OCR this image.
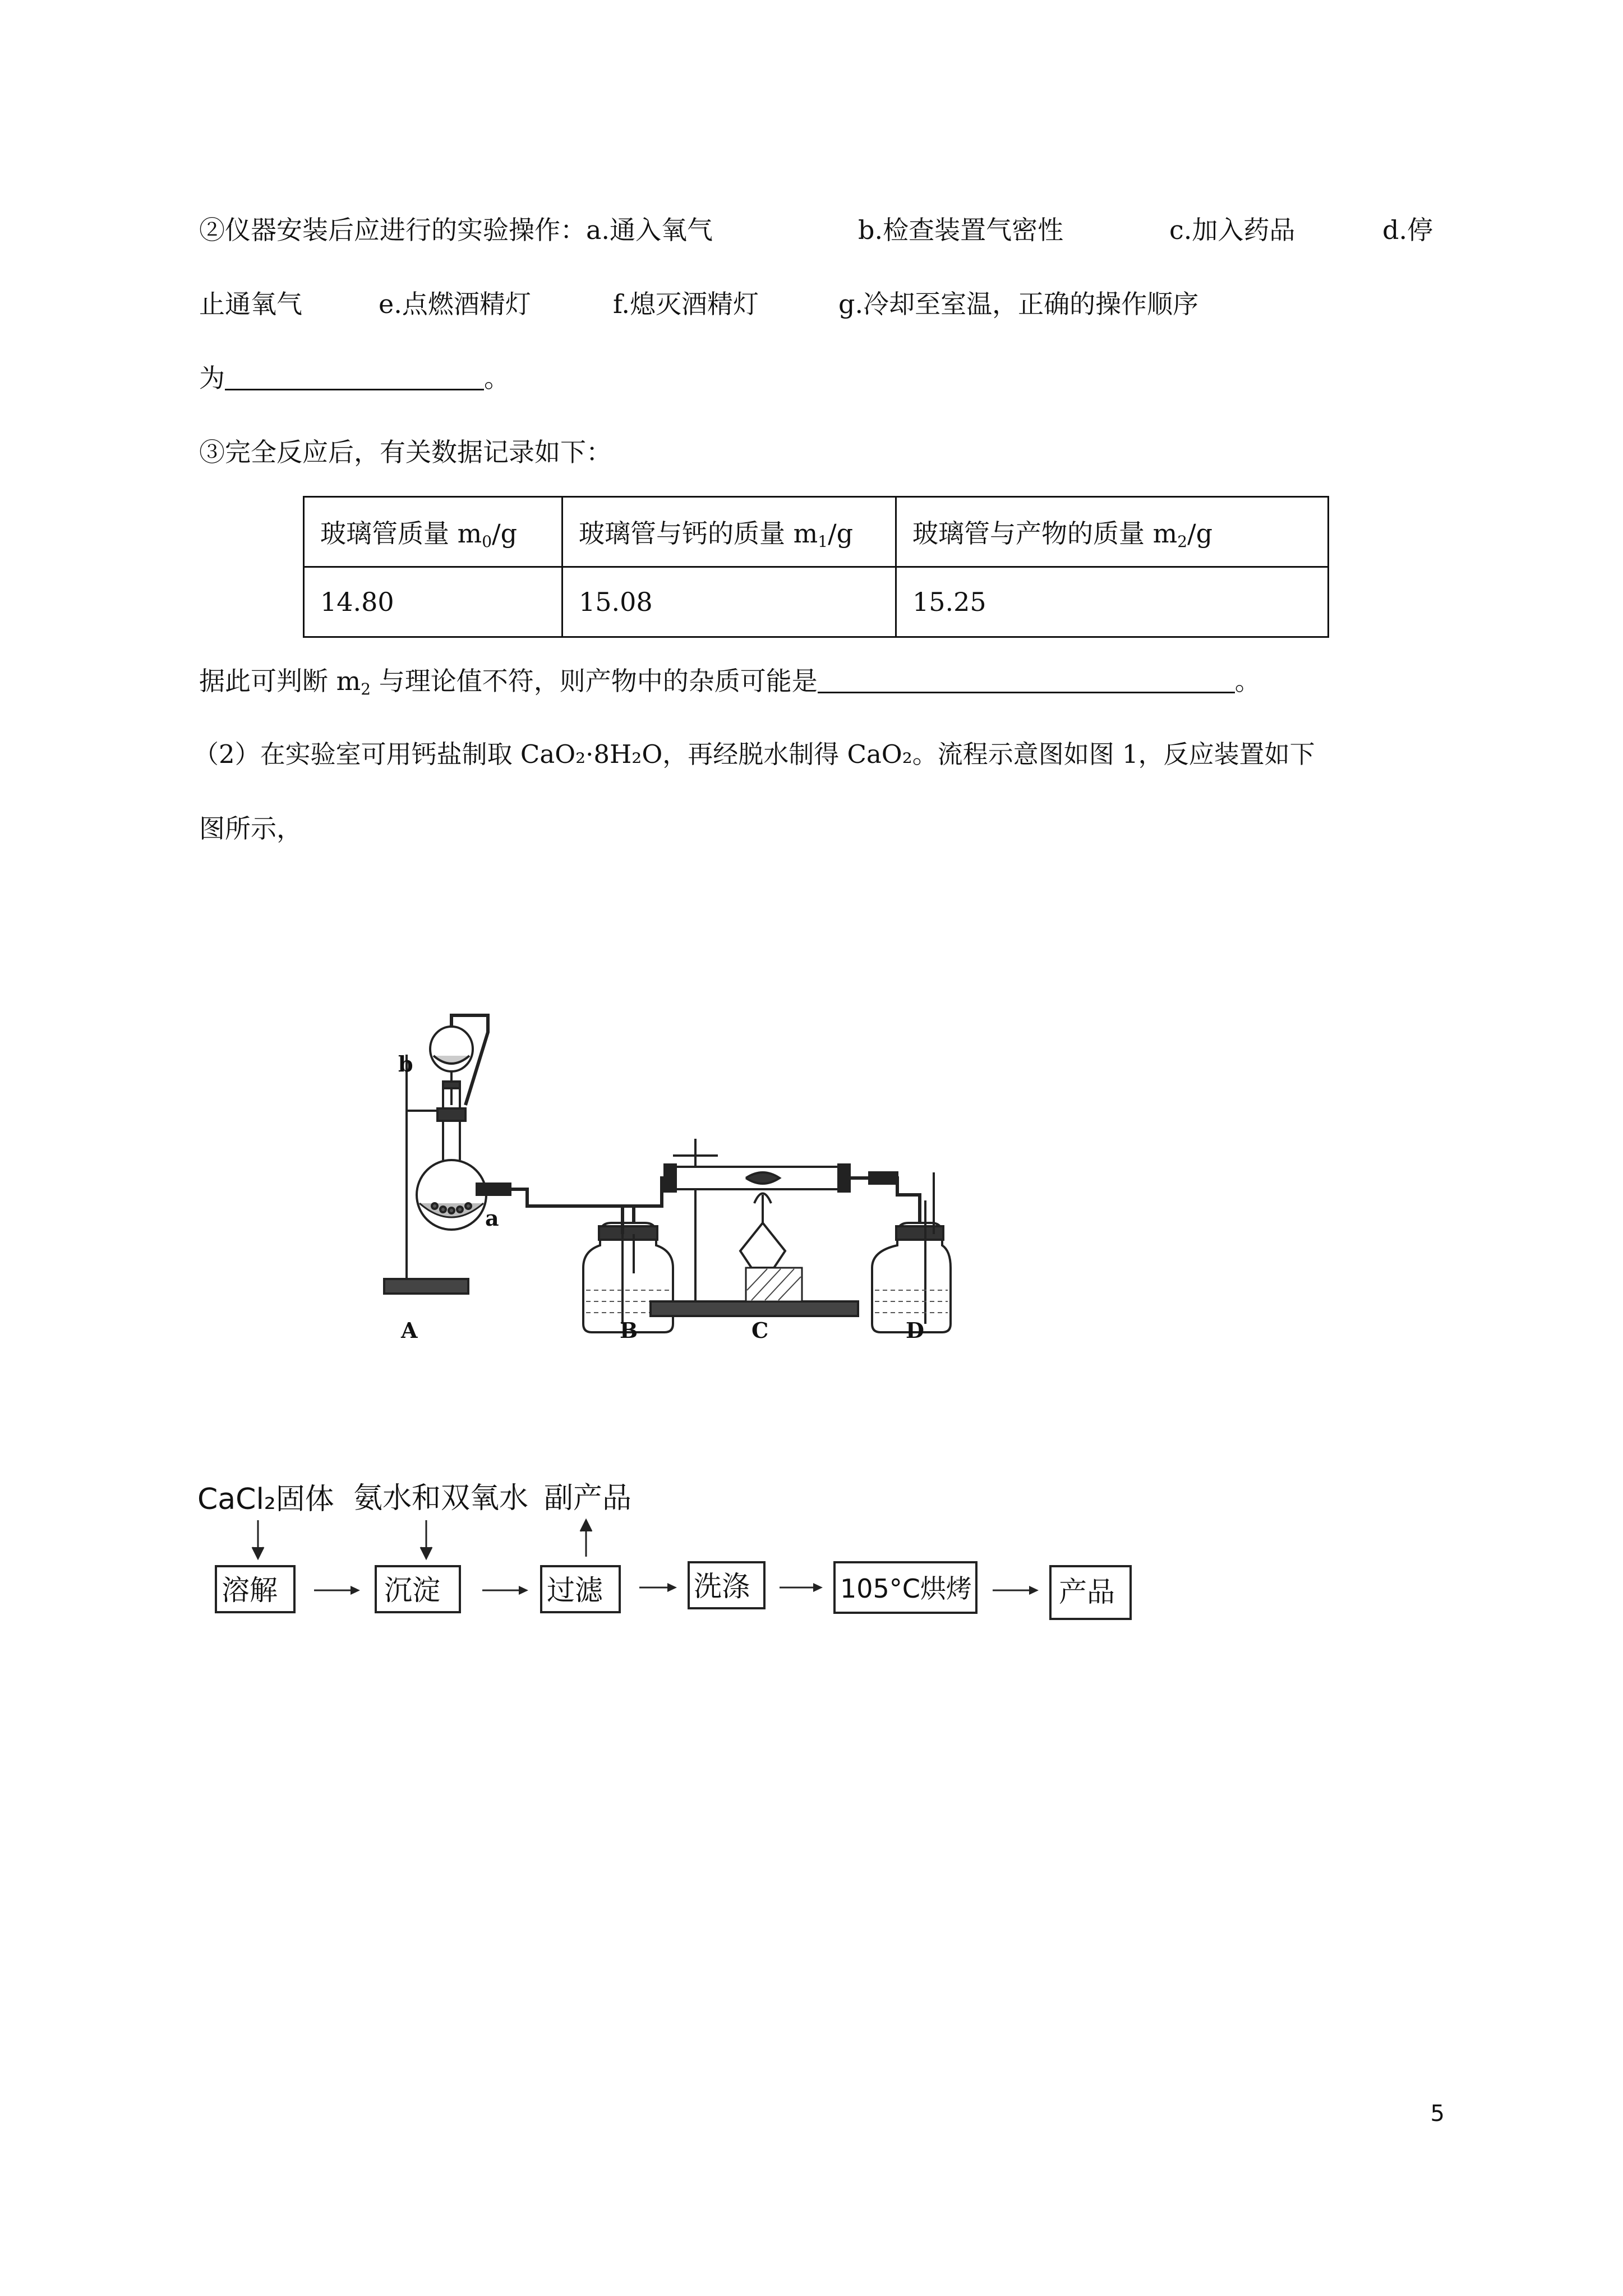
②仪器安装后应进行的实验操作：a.通入氧气	b.检查装置气密性	c.加入药品	d.停
止通氧气	e.点燃酒精灯	f.熄灭酒精灯	g.冷却至室温，正确的操作顺序
为	。
③完全反应后，有关数据记录如下：
玻璃管质量 $m_0/g$	玻璃管与钙的质量 $m_1/g$	玻璃管与产物的质量 $m_2/g$
14.80	15.08	15.25
据此可判断 $m_2$ 与理论值不符，则产物中的杂质可能是	。
（2）在实验室可用钙盐制取 CaO₂·8H₂O，再经脱水制得 CaO₂。流程示意图如图 1，反应装置如下
图所示，
A	B	C	D
a
b
CaCl₂固体 氨水和双氧水 副产品
溶解	沉淀	过滤	洗涤	105°C烘烤	产品
5
